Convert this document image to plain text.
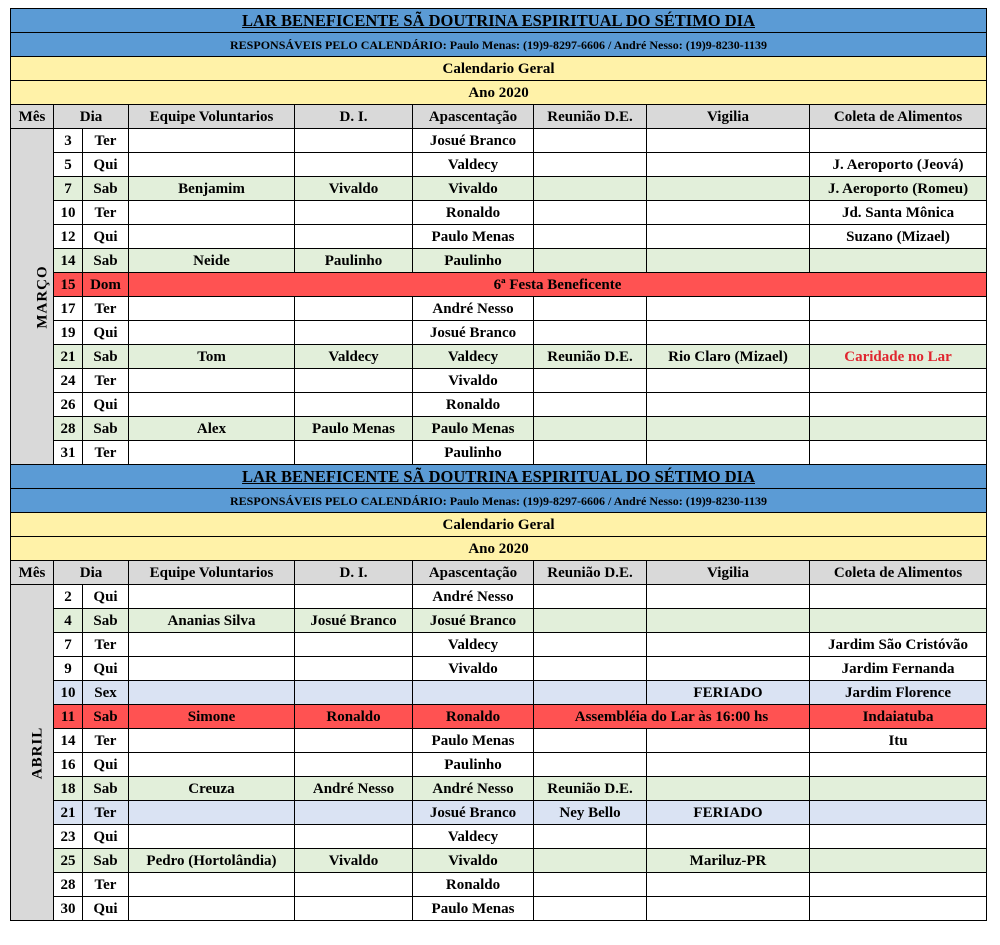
LAR BENEFICENTE SÃ DOUTRINA ESPIRITUAL DO SÉTIMO DIA								
RESPONSÁVEIS PELO CALENDÁRIO: Paulo Menas: (19)9-8297-6606 / André Nesso: (19)9-8230-1139								
Calendario Geral								
Ano 2020								
Mês	Dia		Equipe Voluntarios	D. I.	Apascentação	Reunião D.E.	Vigilia	Coleta de Alimentos
MARÇO	3	Ter			Josué Branco			
	5	Qui			Valdecy			J. Aeroporto (Jeová)
	7	Sab	Benjamim	Vivaldo	Vivaldo			J. Aeroporto (Romeu)
	10	Ter			Ronaldo			Jd. Santa Mônica
	12	Qui			Paulo Menas			Suzano (Mizael)
	14	Sab	Neide	Paulinho	Paulinho			
	15	Dom	6ª Festa Beneficente					
	17	Ter			André Nesso			
	19	Qui			Josué Branco			
	21	Sab	Tom	Valdecy	Valdecy	Reunião D.E.	Rio Claro (Mizael)	Caridade no Lar
	24	Ter			Vivaldo			
	26	Qui			Ronaldo			
	28	Sab	Alex	Paulo Menas	Paulo Menas			
	31	Ter			Paulinho			
LAR BENEFICENTE SÃ DOUTRINA ESPIRITUAL DO SÉTIMO DIA								
RESPONSÁVEIS PELO CALENDÁRIO: Paulo Menas: (19)9-8297-6606 / André Nesso: (19)9-8230-1139								
Calendario Geral								
Ano 2020								
Mês	Dia		Equipe Voluntarios	D. I.	Apascentação	Reunião D.E.	Vigilia	Coleta de Alimentos
ABRIL	2	Qui			André Nesso			
	4	Sab	Ananias Silva	Josué Branco	Josué Branco			
	7	Ter			Valdecy			Jardim São Cristóvão
	9	Qui			Vivaldo			Jardim Fernanda
	10	Sex					FERIADO	Jardim Florence
	11	Sab	Simone	Ronaldo	Ronaldo	Assembléia do Lar às 16:00 hs		Indaiatuba
	14	Ter			Paulo Menas			Itu
	16	Qui			Paulinho			
	18	Sab	Creuza	André Nesso	André Nesso	Reunião D.E.		
	21	Ter			Josué Branco	Ney Bello	FERIADO	
	23	Qui			Valdecy			
	25	Sab	Pedro (Hortolândia)	Vivaldo	Vivaldo		Mariluz-PR	
	28	Ter			Ronaldo			
	30	Qui			Paulo Menas			
